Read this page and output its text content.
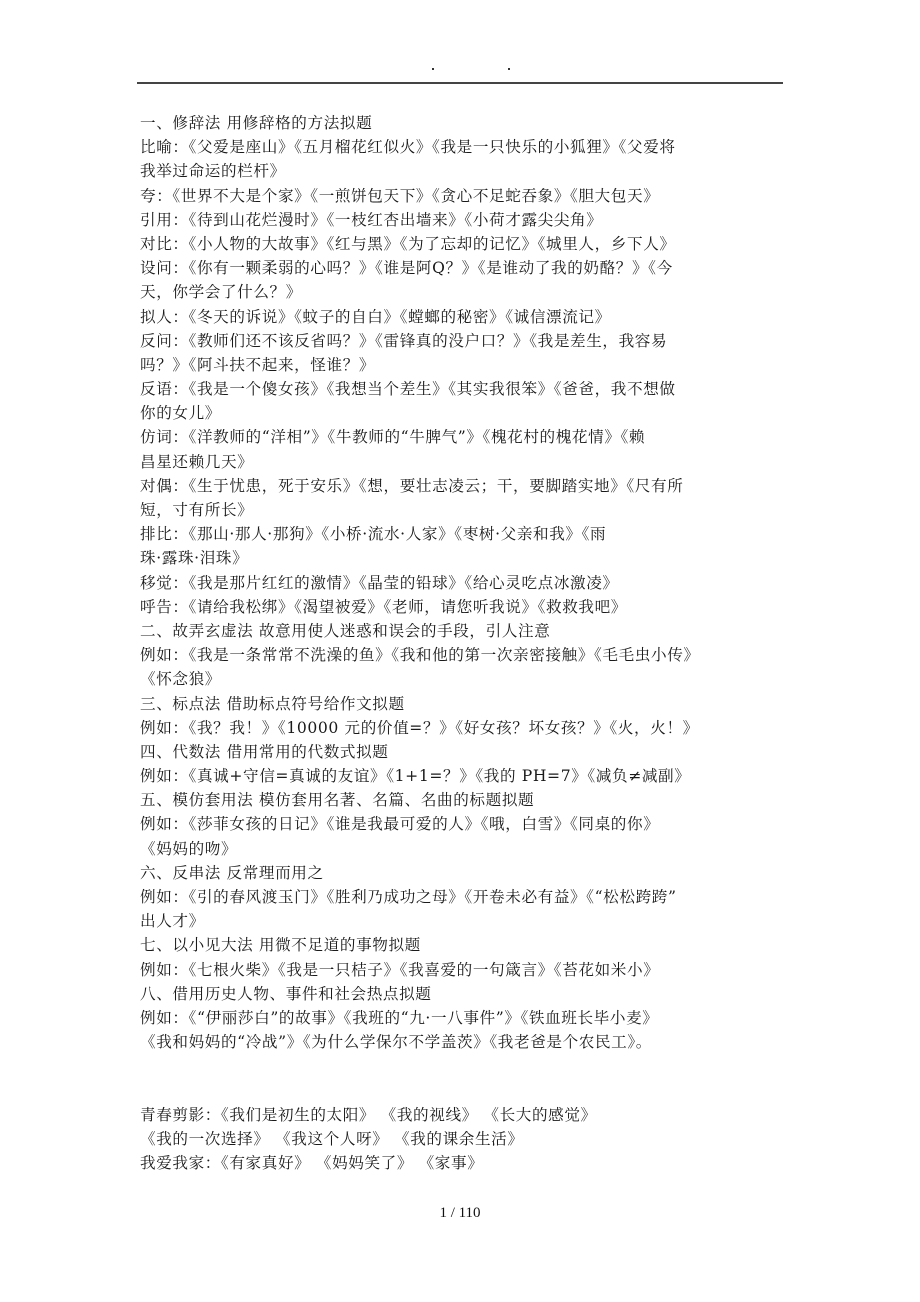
一、修辞法 用修辞格的方法拟题
比喻：《父爱是座山》《五月榴花红似火》《我是一只快乐的小狐狸》《父爱将
我举过命运的栏杆》
夸：《世界不大是个家》《一煎饼包天下》《贪心不足蛇吞象》《胆大包天》
引用：《待到山花烂漫时》《一枝红杏出墙来》《小荷才露尖尖角》
对比：《小人物的大故事》《红与黑》《为了忘却的记忆》《城里人，乡下人》
设问：《你有一颗柔弱的心吗？》《谁是阿Q？》《是谁动了我的奶酪？》《今
天，你学会了什么？》
拟人：《冬天的诉说》《蚊子的自白》《螳螂的秘密》《诚信漂流记》
反问：《教师们还不该反省吗？》《雷锋真的没户口？》《我是差生，我容易
吗？》《阿斗扶不起来，怪谁？》
反语：《我是一个傻女孩》《我想当个差生》《其实我很笨》《爸爸，我不想做
你的女儿》
仿词：《洋教师的“洋相”》《牛教师的“牛脾气”》《槐花村的槐花情》《赖
昌星还赖几天》
对偶：《生于忧患，死于安乐》《想，要壮志凌云；干，要脚踏实地》《尺有所
短，寸有所长》
排比：《那山·那人·那狗》《小桥·流水·人家》《枣树·父亲和我》《雨
珠·露珠·泪珠》
移觉：《我是那片红红的激情》《晶莹的铅球》《给心灵吃点冰激凌》
呼告：《请给我松绑》《渴望被爱》《老师，请您听我说》《救救我吧》
二、故弄玄虚法 故意用使人迷惑和误会的手段，引人注意
例如：《我是一条常常不洗澡的鱼》《我和他的第一次亲密接触》《毛毛虫小传》
《怀念狼》
三、标点法 借助标点符号给作文拟题
例如：《我？我！》《10000 元的价值=？》《好女孩？坏女孩？》《火，火！》
四、代数法 借用常用的代数式拟题
例如：《真诚+守信=真诚的友谊》《1+1=？》《我的 PH=7》《减负≠减副》
五、模仿套用法 模仿套用名著、名篇、名曲的标题拟题
例如：《莎菲女孩的日记》《谁是我最可爱的人》《哦，白雪》《同桌的你》
《妈妈的吻》
六、反串法 反常理而用之
例如：《引的春风渡玉门》《胜利乃成功之母》《开卷未必有益》《“松松跨跨”
出人才》
七、以小见大法 用微不足道的事物拟题
例如：《七根火柴》《我是一只桔子》《我喜爱的一句箴言》《苔花如米小》
八、借用历史人物、事件和社会热点拟题
例如：《“伊丽莎白”的故事》《我班的“九·一八事件”》《铁血班长毕小麦》
《我和妈妈的“冷战”》《为什么学保尔不学盖茨》《我老爸是个农民工》。
青春剪影：《我们是初生的太阳》 《我的视线》 《长大的感觉》
《我的一次选择》 《我这个人呀》 《我的课余生活》
我爱我家：《有家真好》 《妈妈笑了》 《家事》
1 / 110
